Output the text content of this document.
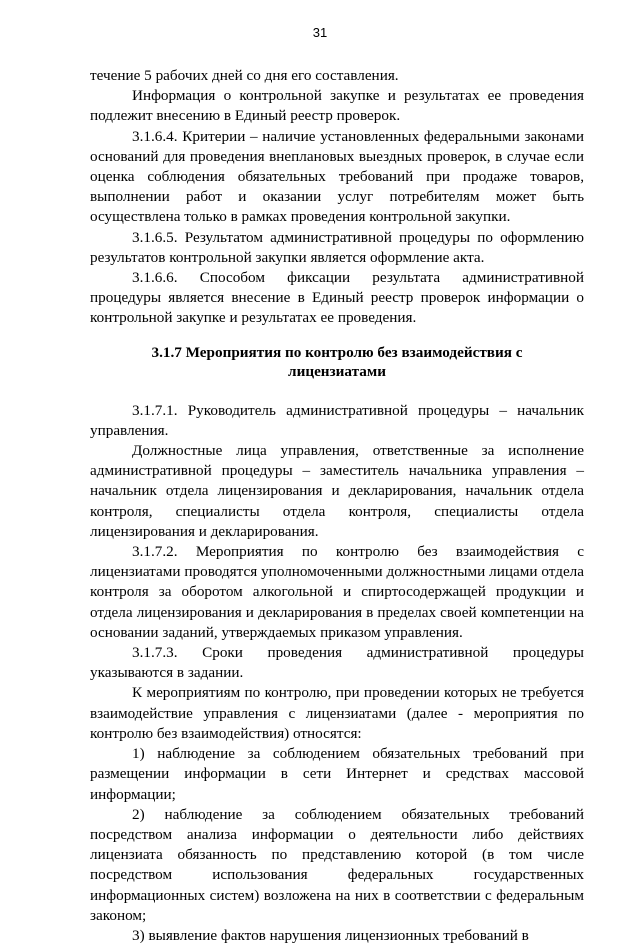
31

течение 5 рабочих дней со дня его составления.

Информация о контрольной закупке и результатах ее проведения подлежит внесению в Единый реестр проверок.

3.1.6.4. Критерии – наличие установленных федеральными законами оснований для проведения внеплановых выездных проверок, в случае если оценка соблюдения обязательных требований при продаже товаров, выполнении работ и оказании услуг потребителям может быть осуществлена только в рамках проведения контрольной закупки.

3.1.6.5. Результатом административной процедуры по оформлению результатов контрольной закупки является оформление акта.

3.1.6.6. Способом фиксации результата административной процедуры является внесение в Единый реестр проверок информации о контрольной закупке и результатах ее проведения.

3.1.7 Мероприятия по контролю без взаимодействия с лицензиатами

3.1.7.1. Руководитель административной процедуры – начальник управления.

Должностные лица управления, ответственные за исполнение административной процедуры – заместитель начальника управления – начальник отдела лицензирования и декларирования, начальник отдела контроля, специалисты отдела контроля, специалисты отдела лицензирования и декларирования.

3.1.7.2. Мероприятия по контролю без взаимодействия с лицензиатами проводятся уполномоченными должностными лицами отдела контроля за оборотом алкогольной и спиртосодержащей продукции и отдела лицензирования и декларирования в пределах своей компетенции на основании заданий, утверждаемых приказом управления.

3.1.7.3. Сроки проведения административной процедуры указываются в задании.

К мероприятиям по контролю, при проведении которых не требуется взаимодействие управления с лицензиатами (далее - мероприятия по контролю без взаимодействия) относятся:

1) наблюдение за соблюдением обязательных требований при размещении информации в сети Интернет и средствах массовой информации;

2) наблюдение за соблюдением обязательных требований посредством анализа информации о деятельности либо действиях лицензиата обязанность по представлению которой (в том числе посредством использования федеральных государственных информационных систем) возложена на них в соответствии с федеральным законом;

3) выявление фактов нарушения лицензионных требований в
